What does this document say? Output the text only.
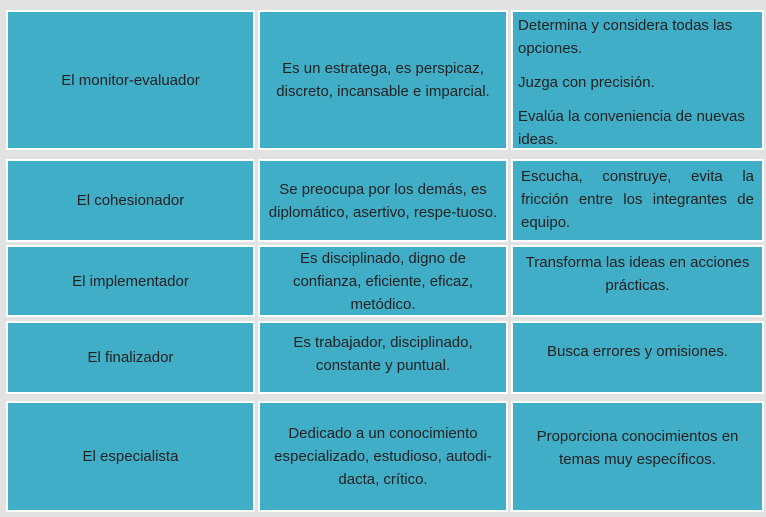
El monitor-evaluador
Es un estratega, es perspicaz, discreto, incansable e imparcial.
Determina y considera todas las opciones.
Juzga con precisión.
Evalúa la conveniencia de nuevas ideas.
El cohesionador
Se preocupa por los demás, es diplomático, asertivo, respe-tuoso.
Escucha, construye, evita la fricción entre los integrantes de equipo.
El implementador
Es disciplinado, digno de confianza, eficiente, eficaz, metódico.
Transforma las ideas en acciones prácticas.
El finalizador
Es trabajador, disciplinado, constante y puntual.
Busca errores y omisiones.
El especialista
Dedicado a un conocimiento especializado, estudioso, autodi-dacta, crítico.
Proporciona conocimientos en temas muy específicos.
